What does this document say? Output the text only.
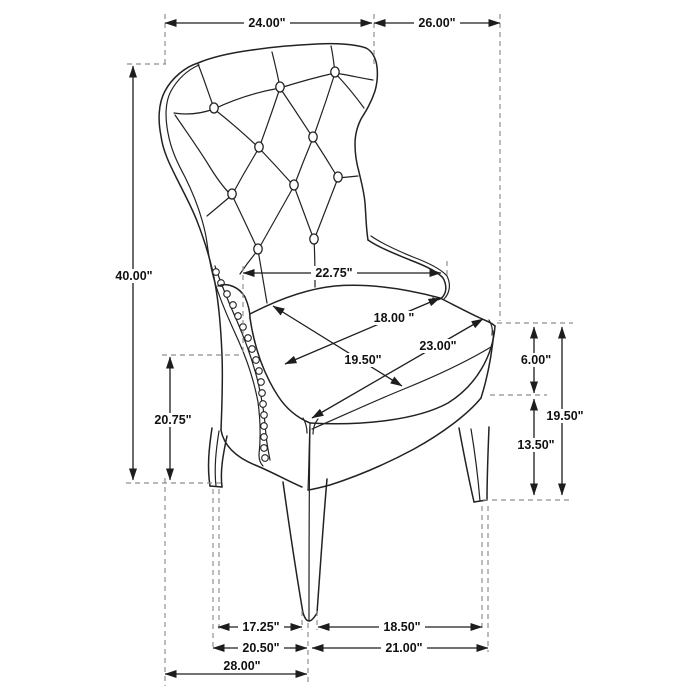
24.00"	26.00"
40.00"
20.75"
22.75"
18.00 "
19.50"
23.00"
6.00"
13.50"
19.50"
17.25"	18.50"
20.50"	21.00"
28.00"
